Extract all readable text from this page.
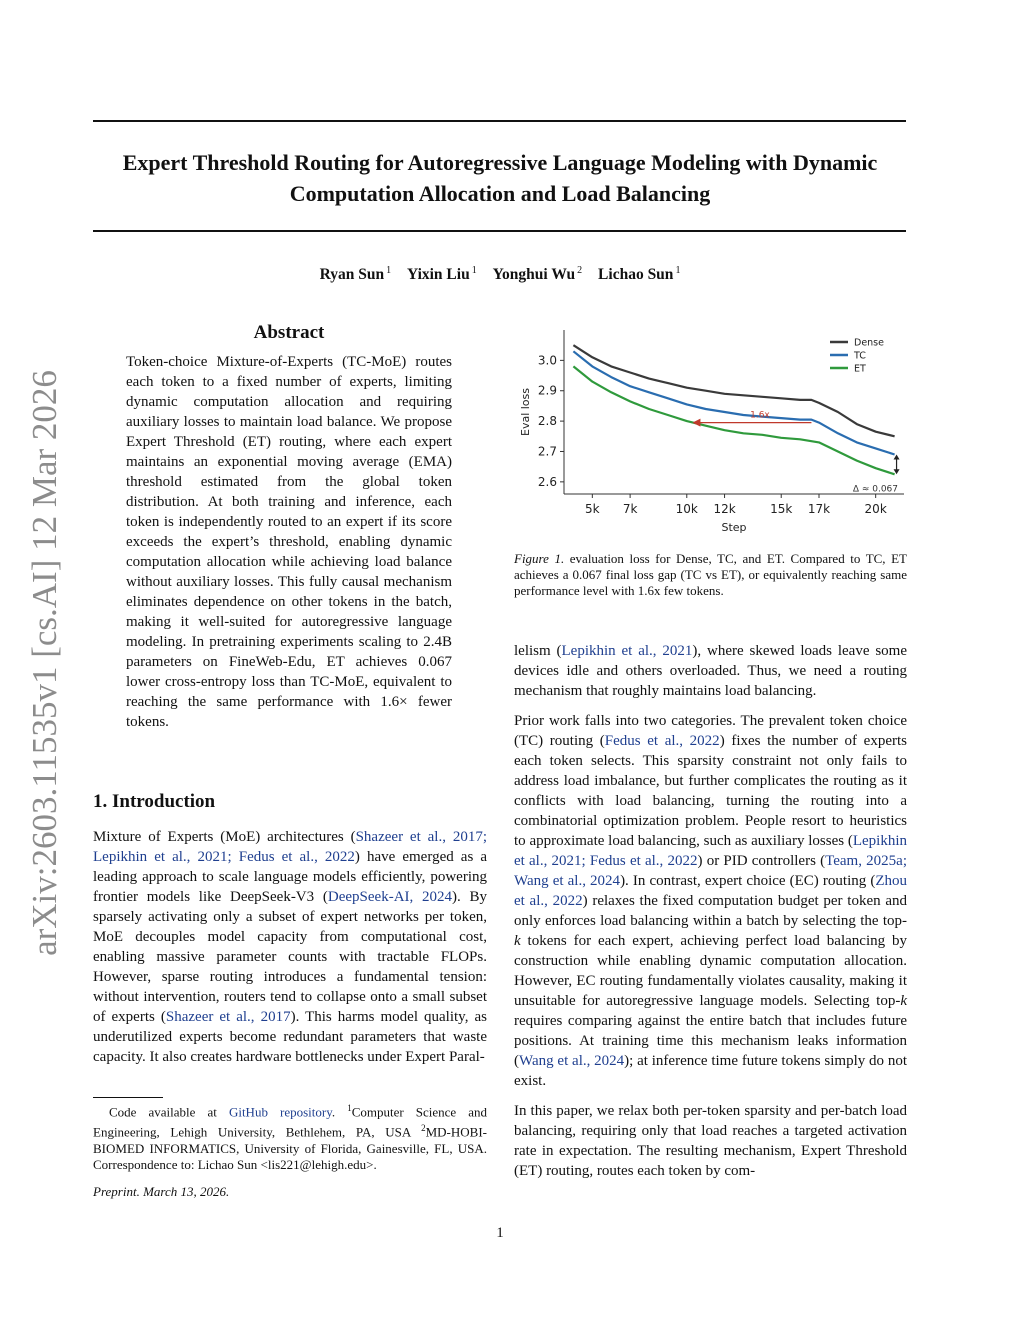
Expert Threshold Routing for Autoregressive Language Modeling with Dynamic
Computation Allocation and Load Balancing
Ryan Sun $^1$ Yixin Liu $^1$ Yonghui Wu $^2$ Lichao Sun $^1$
arXiv:2603.11535v1 [cs.AI] 12 Mar 2026
Abstract
Token-choice Mixture-of-Experts (TC-MoE) routes each token to a fixed number of experts, limiting dynamic computation allocation and requiring auxiliary losses to maintain load balance. We propose Expert Threshold (ET) routing, where each expert maintains an exponential moving average (EMA) threshold estimated from the global token distribution. At both training and inference, each token is independently routed to an expert if its score exceeds the expert’s threshold, enabling dynamic computation allocation while achieving load balance without auxiliary losses. This fully causal mechanism eliminates dependence on other tokens in the batch, making it well-suited for autoregressive language modeling. In pretraining experiments scaling to 2.4B parameters on FineWeb-Edu, ET achieves 0.067 lower cross-entropy loss than TC-MoE, equivalent to reaching the same performance with 1.6× fewer tokens.
1. Introduction
Mixture of Experts (MoE) architectures (Shazeer et al., 2017; Lepikhin et al., 2021; Fedus et al., 2022) have emerged as a leading approach to scale language models efficiently, powering frontier models like DeepSeek-V3 (DeepSeek-AI, 2024). By sparsely activating only a subset of expert networks per token, MoE decouples model capacity from computational cost, enabling massive parameter counts with tractable FLOPs. However, sparse routing introduces a fundamental tension: without intervention, routers tend to collapse onto a small subset of experts (Shazeer et al., 2017). This harms model quality, as underutilized experts become redundant parameters that waste capacity. It also creates hardware bottlenecks under Expert Paral-
Code available at GitHub repository. $^1$Computer Science and Engineering, Lehigh University, Bethlehem, PA, USA $^2$MD-HOBI-BIOMED INFORMATICS, University of Florida, Gainesville, FL, USA. Correspondence to: Lichao Sun <lis221@lehigh.edu>.
Preprint. March 13, 2026.
1
2.6
2.7
2.8
2.9
3.0
5k 7k	10k 12k	15k 17k	20k
Step
Eval loss	1.6x
Δ ≈ 0.067
Dense
TC
ET
Figure 1. evaluation loss for Dense, TC, and ET. Compared to TC, ET achieves a 0.067 final loss gap (TC vs ET), or equivalently reaching same performance level with 1.6x few tokens.

lelism (Lepikhin et al., 2021), where skewed loads leave some devices idle and others overloaded. Thus, we need a routing mechanism that roughly maintains load balancing.

Prior work falls into two categories. The prevalent token choice (TC) routing (Fedus et al., 2022) fixes the number of experts each token selects. This sparsity constraint not only fails to address load imbalance, but further complicates the routing as it conflicts with load balancing, turning the routing into a combinatorial optimization problem. People resort to heuristics to approximate load balancing, such as auxiliary losses (Lepikhin et al., 2021; Fedus et al., 2022) or PID controllers (Team, 2025a; Wang et al., 2024). In contrast, expert choice (EC) routing (Zhou et al., 2022) relaxes the fixed computation budget per token and only enforces load balancing within a batch by selecting the top-k tokens for each expert, achieving perfect load balancing by construction while enabling dynamic computation allocation. However, EC routing fundamentally violates causality, making it unsuitable for autoregressive language models. Selecting top-k requires comparing against the entire batch that includes future positions. At training time this mechanism leaks information (Wang et al., 2024); at inference time future tokens simply do not exist.

In this paper, we relax both per-token sparsity and per-batch load balancing, requiring only that load reaches a targeted activation rate in expectation. The resulting mechanism, Expert Threshold (ET) routing, routes each token by com-
